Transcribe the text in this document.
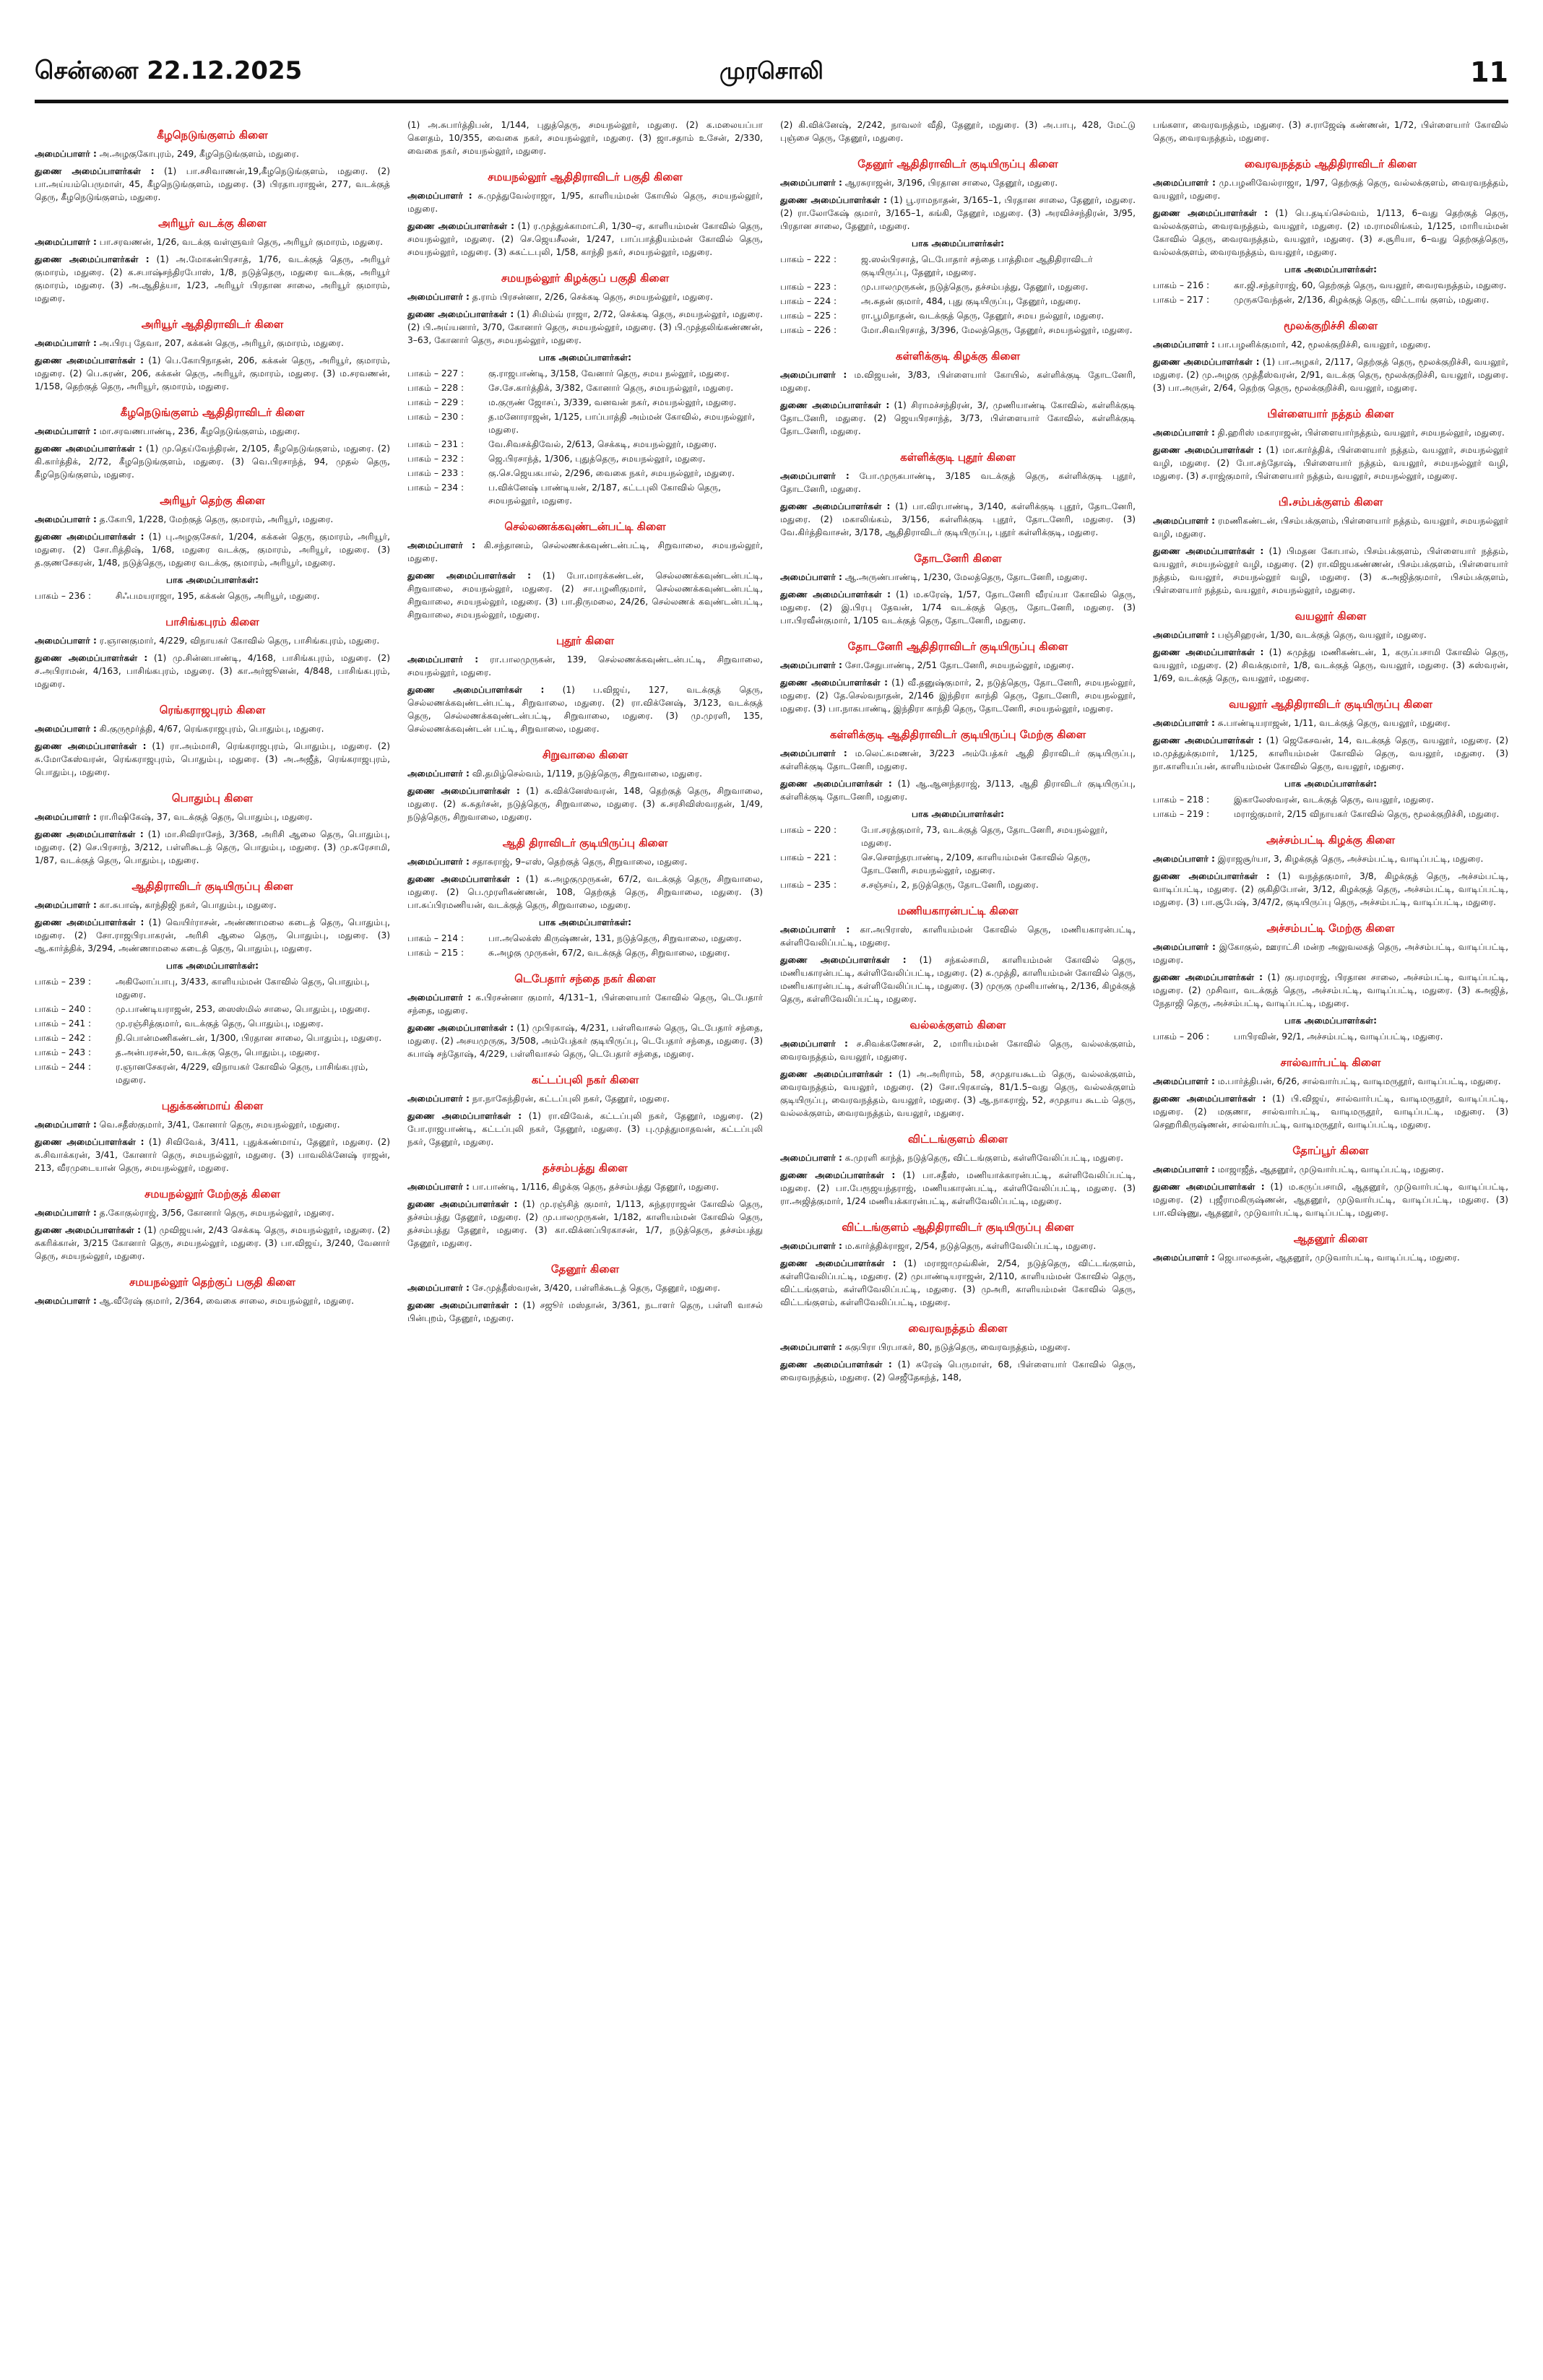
சென்னை 22.12.2025	முரசொலி	11
கீழநெடுங்குளம் கிளை
அமைப்பாளர் : அ.அழகுகோபுரம், 249, கீழநெடுங்குளம், மதுரை.
துணை அமைப்பாளர்கள் : (1) பா.சசிவாணன்,19,கீழநெடுங்குளம், மதுரை. (2) பா.அய்யம்பெருமாள், 45, கீழநெடுங்குளம், மதுரை. (3) பிரதாபராஜன், 277, வடக்குத் தெரு, கீழநெடுங்குளம், மதுரை.
அரியூர் வடக்கு கிளை
அமைப்பாளர் : பா.சரவணன், 1/26, வடக்கு வள்ளுவர் தெரு, அரியூர் குமாரம், மதுரை.
துணை அமைப்பாளர்கள் : (1) அ.மோகன்பிரசாத், 1/76, வடக்குத் தெரு, அரியூர் குமாரம், மதுரை. (2) க.சபாஷ்சந்திரபோஸ், 1/8, நடுத்தெரு, மதுரை வடக்கு, அரியூர் குமாரம், மதுரை. (3) அ.ஆதித்யா, 1/23, அரியூர் பிரதான சாலை, அரியூர் குமாரம், மதுரை.
அரியூர் ஆதிதிராவிடர் கிளை
அமைப்பாளர் : அ.பிரபு தேவா, 207, கக்கன் தெரு, அரியூர், குமாரம், மதுரை.
துணை அமைப்பாளர்கள் : (1) பெ.கோபிநாதன், 206, கக்கன் தெரு, அரியூர், குமாரம், மதுரை. (2) பெ.சுரண், 206, கக்கன் தெரு, அரியூர், குமாரம், மதுரை. (3) ம.சரவணன், 1/158, தெற்குத் தெரு, அரியூர், குமாரம், மதுரை.
கீழநெடுங்குளம் ஆதிதிராவிடர் கிளை
அமைப்பாளர் : மா.சரவணபாண்டி, 236, கீழநெடுங்குளம், மதுரை.
துணை அமைப்பாளர்கள் : (1) மு.தெய்வேந்திரன், 2/105, கீழநெடுங்குளம், மதுரை. (2) கி.கார்த்திக், 2/72, கீழநெடுங்குளம், மதுரை. (3) வெ.பிரசாந்த், 94, முதல் தெரு, கீழநெடுங்குளம், மதுரை.
அரியூர் தெற்கு கிளை
அமைப்பாளர் : த.கோபி, 1/228, மேற்குத் தெரு, குமாரம், அரியூர், மதுரை.
துணை அமைப்பாளர்கள் : (1) பு.அழகுசேகர், 1/204, கக்கன் தெரு, குமாரம், அரியூர், மதுரை. (2) சோ.ரித்திஷ், 1/68, மதுரை வடக்கு, குமாரம், அரியூர், மதுரை. (3) த.குணசேகரன், 1/48, நடுத்தெரு, மதுரை வடக்கு, குமாரம், அரியூர், மதுரை.
பாக அமைப்பாளர்கள்:
பாகம் – 236 :	சிஃபமயராஜா, 195, கக்கன் தெரு, அரியூர், மதுரை.
பாசிங்கபுரம் கிளை
அமைப்பாளர் : ர.ஞானகுமார், 4/229, விநாயகர் கோவில் தெரு, பாசிங்கபுரம், மதுரை.
துணை அமைப்பாளர்கள் : (1) மு.சின்னபாண்டி, 4/168, பாசிங்கபுரம், மதுரை. (2) ச.அபிராமன், 4/163, பாசிங்கபுரம், மதுரை. (3) கா.அர்ஜூனன், 4/848, பாசிங்கபுரம், மதுரை.
ரெங்கராஜபுரம் கிளை
அமைப்பாளர் : கி.குருமூர்த்தி, 4/67, ரெங்கராஜபுரம், பொதும்பு, மதுரை.
துணை அமைப்பாளர்கள் : (1) ரா.அம்மாசி, ரெங்கராஜபுரம், பொதும்பு, மதுரை. (2) சு.மோகேஸ்வரன், ரெங்கராஜபுரம், பொதும்பு, மதுரை. (3) அ.அஜீத், ரெங்கராஜபுரம், பொதும்பு, மதுரை.
பொதும்பு கிளை
அமைப்பாளர் : ரா.ரிஷிகேஷ், 37, வடக்குத் தெரு, பொதும்பு, மதுரை.
துணை அமைப்பாளர்கள் : (1) மா.சிவிராசேந், 3/368, அரிசி ஆலை தெரு, பொதும்பு, மதுரை. (2) செ.பிரசாந், 3/212, பள்ளிகூடத் தெரு, பொதும்பு, மதுரை. (3) மு.சுரேசாமி, 1/87, வடக்குத் தெரு, பொதும்பு, மதுரை.
ஆதிதிராவிடர் குடியிருப்பு கிளை
அமைப்பாளர் : கா.சுபாஷ், காந்திஜி நகர், பொதும்பு, மதுரை.
துணை அமைப்பாளர்கள் : (1) வெயிர்ராசன், அண்ணாமலை கடைத் தெரு, பொதும்பு, மதுரை. (2) சோ.ராஜபிரபாகரன், அரிசி ஆலை தெரு, பொதும்பு, மதுரை. (3) ஆ.கார்த்திக், 3/294, அண்ணாமலை கடைத் தெரு, பொதும்பு, மதுரை.
பாக அமைப்பாளர்கள்:
பாகம் – 239 :	அகிலோப்பாபு, 3/433, காளியம்மன் கோவில் தெரு, பொதும்பு, மதுரை.
பாகம் – 240 :	மு.பாண்டியராஜன், 253, ஸைஸ்மில் சாலை, பொதும்பு, மதுரை.
பாகம் – 241 :	மு.ரஞ்சித்குமார், வடக்குத் தெரு, பொதும்பு, மதுரை.
பாகம் – 242 :	நி.பொன்மணிகண்டன், 1/300, பிரதான சாலை, பொதும்பு, மதுரை.
பாகம் – 243 :	த.அன்பரசன்,50, வடக்கு தெரு, பொதும்பு, மதுரை.
பாகம் – 244 :	ர.ஞானசேகரன், 4/229, விநாயகர் கோவில் தெரு, பாசிங்கபுரம், மதுரை.
புதுக்கண்மாய் கிளை
அமைப்பாளர் : வெ.சதீஸ்குமார், 3/41, கோனார் தெரு, சமயநல்லூர், மதுரை.
துணை அமைப்பாளர்கள் : (1) சிவிவேக், 3/411, புதுக்கண்மாய், தேனூர், மதுரை. (2) சு.சிவாக்கரன், 3/41, கோனார் தெரு, சமயநல்லூர், மதுரை. (3) பாவலிக்னேஷ் ராஜன், 213, வீரமுடையான் தெரு, சமயநல்லூர், மதுரை.
சமயநல்லூர் மேற்குத் கிளை
அமைப்பாளர் : த.கோகுல்ராஜ், 3/56, கோனார் தெரு, சமயநல்லூர், மதுரை.
துணை அமைப்பாளர்கள் : (1) முவிஜயன், 2/43 செக்கடி தெரு, சமயநல்லூர், மதுரை. (2) சுகரிக்கான், 3/215 கோனார் தெரு, சமயநல்லூர், மதுரை. (3) பா.விஜய், 3/240, வேனார் தெரு, சமயநல்லூர், மதுரை.
சமயநல்லூர் தெற்குப் பகுதி கிளை
அமைப்பாளர் : ஆ.வீரேஷ் குமார், 2/364, வைகை சாலை, சமயநல்லூர், மதுரை.
(1) அ.சுபார்த்திபன், 1/144, புதுத்தெரு, சமயநல்லூர், மதுரை. (2) க.மலையப்பா கௌதம், 10/355, வைகை நகர், சமயநல்லூர், மதுரை. (3) ஜா.சதாம் உசேன், 2/330, வைகை நகர், சமயநல்லூர், மதுரை.
சமயநல்லூர் ஆதிதிராவிடர் பகுதி கிளை
அமைப்பாளர் : சு.முத்துவேல்ராஜா, 1/95, காளியம்மன் கோயில் தெரு, சமயநல்லூர், மதுரை.
துணை அமைப்பாளர்கள் : (1) ர.முத்துக்காமாட்சி, 1/30–ஏ, காளியம்மன் கோவில் தெரு, சமயநல்லூர், மதுரை. (2) செ.ஜெயசீலன், 1/247, பாப்பாத்தியம்மன் கோவில் தெரு, சமயநல்லூர், மதுரை. (3) சுகட்டபுலி, 1/58, காந்தி நகர், சமயநல்லூர், மதுரை.
சமயநல்லூர் கிழக்குப் பகுதி கிளை
அமைப்பாளர் : த.ராம் பிரசன்னா, 2/26, செக்கடி தெரு, சமயநல்லூர், மதுரை.
துணை அமைப்பாளர்கள் : (1) சிமிம்வ் ராஜா, 2/72, செக்கடி தெரு, சமயநல்லூர், மதுரை. (2) பி.அய்யனார், 3/70, கோனார் தெரு, சமயநல்லூர், மதுரை. (3) பி.முத்தலிங்கண்ணன், 3–63, கோனார் தெரு, சமயநல்லூர், மதுரை.
பாக அமைப்பாளர்கள்:
பாகம் – 227 :	கு.ராஜபாண்டி, 3/158, வேனார் தெரு, சமய நல்லூர், மதுரை.
பாகம் – 228 :	சே.சே.கார்த்திக், 3/382, கோனார் தெரு, சமயநல்லூர், மதுரை.
பாகம் – 229 :	ம.குருண் ஜோசப், 3/339, வனவன் நகர், சமயநல்லூர், மதுரை.
பாகம் – 230 :	த.மனோராஜன், 1/125, பாப்பாத்தி அம்மன் கோவில், சமயநல்லூர், மதுரை.
பாகம் – 231 :	வே.சிவசக்திவேல், 2/613, செக்கடி, சமயநல்லூர், மதுரை.
பாகம் – 232 :	ஜெ.பிரசாந்த், 1/306, புதுத்தெரு, சமயநல்லூர், மதுரை.
பாகம் – 233 :	கு.செ.ஜெயகபால், 2/296, வைகை நகர், சமயநல்லூர், மதுரை.
பாகம் – 234 :	ப.விக்னேஷ் பாண்டியன், 2/187, கட்டபுலி கோவில் தெரு, சமயநல்லூர், மதுரை.
செல்லணக்கவுண்டன்பட்டி கிளை
அமைப்பாளர் : கி.சந்தானம், செல்லணக்கவுண்டன்பட்டி, சிறுவாலை, சமயநல்லூர், மதுரை.
துணை அமைப்பாளர்கள் : (1) போ.மாரக்கண்டன், செல்லணக்கவுண்டன்பட்டி, சிறுவாலை, சமயநல்லூர், மதுரை. (2) சா.பழனிகுமார், செல்லணக்கவுண்டன்பட்டி, சிறுவாலை, சமயநல்லூர், மதுரை. (3) பா.திருமலை, 24/26, செல்லணக் கவுண்டன்பட்டி, சிறுவாலை, சமயநல்லூர், மதுரை.
புதூர் கிளை
அமைப்பாளர் : ரா.பாலமுருகன், 139, செல்லணக்கவுண்டன்பட்டி, சிறுவாலை, சமயநல்லூர், மதுரை.
துணை அமைப்பாளர்கள் : (1) ப.விஜய், 127, வடக்குத் தெரு, செல்லணக்கவுண்டன்பட்டி, சிறுவாலை, மதுரை. (2) ரா.விக்னேஷ், 3/123, வடக்குத் தெரு, செல்லணக்கவுண்டன்பட்டி, சிறுவாலை, மதுரை. (3) மு.முரளி, 135, செல்லணக்கவுண்டன் பட்டி, சிறுவாலை, மதுரை.
சிறுவாலை கிளை
அமைப்பாளர் : வி.தமிழ்செல்வம், 1/119, நடுத்தெரு, சிறுவாலை, மதுரை.
துணை அமைப்பாளர்கள் : (1) சு.விக்னேஸ்வரன், 148, தெற்குத் தெரு, சிறுவாலை, மதுரை. (2) சு.சுதர்சன், நடுத்தெரு, சிறுவாலை, மதுரை. (3) சு.சரசிவிஸ்வரதன், 1/49, நடுத்தெரு, சிறுவாலை, மதுரை.
ஆதி திராவிடர் குடியிருப்பு கிளை
அமைப்பாளர் : சதாசுராஜ், 9–எஸ், தெற்குத் தெரு, சிறுவாலை, மதுரை.
துணை அமைப்பாளர்கள் : (1) சு.அழகுமுருகன், 67/2, வடக்குத் தெரு, சிறுவாலை, மதுரை. (2) பெ.முரளிகண்ணன், 108, தெற்குத் தெரு, சிறுவாலை, மதுரை. (3) பா.சுப்பிரமணியன், வடக்குத் தெரு, சிறுவாலை, மதுரை.
பாக அமைப்பாளர்கள்:
பாகம் – 214 :	பா.அலெக்ஸ் கிருஷ்ணன், 131, நடுத்தெரு, சிறுவாலை, மதுரை.
பாகம் – 215 :	சு.அழகு முருகன், 67/2, வடக்குத் தெரு, சிறுவாலை, மதுரை.
டெபேதார் சந்தை நகர் கிளை
அமைப்பாளர் : க.பிரசன்னா குமார், 4/131–1, பிள்ளையார் கோவில் தெரு, டெபேதார் சந்தை, மதுரை.
துணை அமைப்பாளர்கள் : (1) முபிரகாஷ், 4/231, பள்ளிவாசல் தெரு, டெபேதார் சந்தை, மதுரை. (2) அசயமுருகு, 3/508, அம்பேத்கர் குடியிருப்பு, டெபேதார் சந்தை, மதுரை. (3) சுபாஷ் சந்தோஷ், 4/229, பள்ளிவாசல் தெரு, டெபேதார் சந்தை, மதுரை.
கட்டப்புலி நகர் கிளை
அமைப்பாளர் : நா.நாகேந்திரன், கட்டப்புலி நகர், தேனூர், மதுரை.
துணை அமைப்பாளர்கள் : (1) ரா.விவேக், கட்டப்புலி நகர், தேனூர், மதுரை. (2) போ.ராஜபாண்டி, கட்டப்புலி நகர், தேனூர், மதுரை. (3) பு.முத்துமாதவன், கட்டப்புலி நகர், தேனூர், மதுரை.
தச்சம்பத்து கிளை
அமைப்பாளர் : பா.பாண்டி, 1/116, கிழக்கு தெரு, தச்சம்பத்து தேனூர், மதுரை.
துணை அமைப்பாளர்கள் : (1) மு.ரஞ்சித் குமார், 1/113, சுந்தரராஜன் கோவில் தெரு, தச்சம்பத்து தேனூர், மதுரை. (2) மு.பாலமுருகன், 1/182, காளியம்மன் கோவில் தெரு, தச்சம்பத்து தேனூர், மதுரை. (3) கா.விக்னப்பிரகாசன், 1/7, நடுத்தெரு, தச்சம்பத்து தேனூர், மதுரை.
தேனூர் கிளை
அமைப்பாளர் : சே.முத்தீஸ்வரன், 3/420, பள்ளிக்கூடத் தெரு, தேனூர், மதுரை.
துணை அமைப்பாளர்கள் : (1) சஜூர் மஸ்தான், 3/361, நடாளர் தெரு, பள்ளி வாசல் பின்புறம், தேனூர், மதுரை.
(2) கி.விக்னேஷ், 2/242, நாவலர் வீதி, தேனூர், மதுரை. (3) அ.பாபு, 428, மேட்டு புஞ்சை தெரு, தேனூர், மதுரை.
தேனூர் ஆதிதிராவிடர் குடியிருப்பு கிளை
அமைப்பாளர் : ஆரசுராஜன், 3/196, பிரதான சாலை, தேனூர், மதுரை.
துணை அமைப்பாளர்கள் : (1) பூ.ராமநாதன், 3/165–1, பிரதான சாலை, தேனூர், மதுரை. (2) ரா.லோகேஷ் குமார், 3/165–1, கங்கி, தேனூர், மதுரை. (3) அரவிச்சந்திரன், 3/95, பிரதான சாலை, தேனூர், மதுரை.
பாக அமைப்பாளர்கள்:
பாகம் – 222 :	ஜ.ஸல்பிரசாத், டெபோதார் சந்தை பாத்திமா ஆதிதிராவிடர் குடியிருப்பு, தேனூர், மதுரை.
பாகம் – 223 :	மு.பாலமுருகன், நடுத்தெரு, தச்சம்பத்து, தேனூர், மதுரை.
பாகம் – 224 :	அ.சுதன் குமார், 484, புது குடியிருப்பு, தேனூர், மதுரை.
பாகம் – 225 :	ரா.பூமிநாதன், வடக்குத் தெரு, தேனூர், சமய நல்லூர், மதுரை.
பாகம் – 226 :	மோ.சிவபிரசாத், 3/396, மேலத்தெரு, தேனூர், சமயநல்லூர், மதுரை.
கள்ளிக்குடி கிழக்கு கிளை
அமைப்பாளர் : ம.விஜயன், 3/83, பிள்ளையார் கோயில், கள்ளிக்குடி தோடனேரி, மதுரை.
துணை அமைப்பாளர்கள் : (1) சிராமச்சந்திரன், 3/, முணியாண்டி கோவில், கள்ளிக்குடி தோடனேரி, மதுரை. (2) ஜெயபிரசாந்த், 3/73, பிள்ளையார் கோவில், கள்ளிக்குடி தோடனேரி, மதுரை.
கள்ளிக்குடி புதூர் கிளை
அமைப்பாளர் : போ.முருகபாண்டி, 3/185 வடக்குத் தெரு, கள்ளிக்குடி புதூர், தோடனேரி, மதுரை.
துணை அமைப்பாளர்கள் : (1) பா.விரபாண்டி, 3/140, கள்ளிக்குடி புதூர், தோடனேரி, மதுரை. (2) மகாலிங்கம், 3/156, கள்ளிக்குடி புதூர், தோடனேரி, மதுரை. (3) வே.கிர்த்திவாசன், 3/178, ஆதிதிராவிடர் குடியிருப்பு, புதூர் கள்ளிக்குடி, மதுரை.
தோடனேரி கிளை
அமைப்பாளர் : ஆ.அருண்பாண்டி, 1/230, மேலத்தெரு, தோடனேரி, மதுரை.
துணை அமைப்பாளர்கள் : (1) ம.சுரேஷ், 1/57, தோடனேரி வீரய்யா கோவில் தெரு, மதுரை. (2) இ.பிரபு தேவன், 1/74 வடக்குத் தெரு, தோடனேரி, மதுரை. (3) பா.பிரவீன்குமார், 1/105 வடக்குத் தெரு, தோடனேரி, மதுரை.
தோடனேரி ஆதிதிராவிடர் குடியிருப்பு கிளை
அமைப்பாளர் : சோ.சேதுபாண்டி, 2/51 தோடனேரி, சமயநல்லூர், மதுரை.
துணை அமைப்பாளர்கள் : (1) வீ.தனுஷ்குமார், 2, நடுத்தெரு, தோடனேரி, சமயநல்லூர், மதுரை. (2) தே.செல்வநாதன், 2/146 இந்திரா காந்தி தெரு, தோடனேரி, சமயநல்லூர், மதுரை. (3) பா.நாகபாண்டி, இந்திரா காந்தி தெரு, தோடனேரி, சமயநல்லூர், மதுரை.
கள்ளிக்குடி ஆதிதிராவிடர் குடியிருப்பு மேற்கு கிளை
அமைப்பாளர் : ம.லெட்சுமணன், 3/223 அம்பேத்கர் ஆதி திராவிடர் குடியிருப்பு, கள்ளிக்குடி தோடனேரி, மதுரை.
துணை அமைப்பாளர்கள் : (1) ஆ.ஆனந்தராஜ், 3/113, ஆதி திராவிடர் குடியிருப்பு, கள்ளிக்குடி தோடனேரி, மதுரை.
பாக அமைப்பாளர்கள்:
பாகம் – 220 :	போ.சரத்குமார், 73, வடக்குத் தெரு, தோடனேரி, சமயநல்லூர், மதுரை.
பாகம் – 221 :	செ.சௌந்தரபாண்டி, 2/109, காளியம்மன் கோவில் தெரு, தோடனேரி, சமயநல்லூர், மதுரை.
பாகம் – 235 :	ச.சஞ்சய், 2, நடுத்தெரு, தோடனேரி, மதுரை.
மணியகாரன்பட்டி கிளை
அமைப்பாளர் : கா.அபிராஸ், காளியம்மன் கோவில் தெரு, மணியகாரன்பட்டி, கள்ளிவேலிப்பட்டி, மதுரை.
துணை அமைப்பாளர்கள் : (1) சந்கல்சாமி, காளியம்மன் கோவில் தெரு, மணியகாரன்பட்டி, கள்ளிவேலிப்பட்டி, மதுரை. (2) சு.முத்தி, காளியம்மன் கோவில் தெரு, மணியகாரன்பட்டி, கள்ளிவேலிப்பட்டி, மதுரை. (3) முருகு முனியாண்டி, 2/136, கிழக்குத் தெரு, கள்ளிவேலிப்பட்டி, மதுரை.
வல்லக்குளம் கிளை
அமைப்பாளர் : ச.சிவக்கணேசன், 2, மாரியம்மன் கோவில் தெரு, வல்லக்குளம், வைரவநத்தம், வயலூர், மதுரை.
துணை அமைப்பாளர்கள் : (1) அ.அரிராம், 58, சமுதாயகூடம் தெரு, வல்லக்குளம், வைரவநத்தம், வயலூர், மதுரை. (2) சோ.பிரகாஷ், 81/1.5–வது தெரு, வல்லக்குளம் குடியிருப்பு, வைரவநத்தம், வயலூர், மதுரை. (3) ஆ.நாகராஜ், 52, சமுதாய கூடம் தெரு, வல்லக்குளம், வைரவநத்தம், வயலூர், மதுரை.
விட்டங்குளம் கிளை
அமைப்பாளர் : க.முரளி காந்த், நடுத்தெரு, விட்டங்குளம், கள்ளிவேலிப்பட்டி, மதுரை.
துணை அமைப்பாளர்கள் : (1) பா.சதீஸ், மணியாக்காரன்பட்டி, கள்ளிவேலிப்பட்டி, மதுரை. (2) பா.பேரூஜயந்தராஜ், மணியகாரன்பட்டி, கள்ளிவேலிப்பட்டி, மதுரை. (3) ரா.அஜித்குமார், 1/24 மணியக்காரன்பட்டி, கள்ளிவேலிப்பட்டி, மதுரை.
விட்டங்குளம் ஆதிதிராவிடர் குடியிருப்பு கிளை
அமைப்பாளர் : ம.கார்த்திக்ராஜா, 2/54, நடுத்தெரு, கள்ளிவேலிப்பட்டி, மதுரை.
துணை அமைப்பாளர்கள் : (1) மராஜாமுவ்கின், 2/54, நடுத்தெரு, விட்டங்குளம், கள்ளிவேலிப்பட்டி, மதுரை. (2) முபாண்டியராஜன், 2/110, காளியம்மன் கோவில் தெரு, விட்டங்குளம், கள்ளிவேலிப்பட்டி, மதுரை. (3) முஅரி, காளியம்மன் கோவில் தெரு, விட்டங்குளம், கள்ளிவேலிப்பட்டி, மதுரை.
வைரவநத்தம் கிளை
அமைப்பாளர் : சுகுபிரா பிரபாகர், 80, நடுத்தெரு, வைரவநத்தம், மதுரை.
துணை அமைப்பாளர்கள் : (1) சுரேஷ் பெருமாள், 68, பிள்ளையார் கோவில் தெரு, வைரவநத்தம், மதுரை. (2) செஜீதேகந்த், 148,
பங்களா, வைரவநத்தம், மதுரை. (3) ச.ராஜேஷ் கண்ணன், 1/72, பிள்ளையார் கோவில் தெரு, வைரவநத்தம், மதுரை.
வைரவநத்தம் ஆதிதிராவிடர் கிளை
அமைப்பாளர் : மு.பழனிவேல்ராஜா, 1/97, தெற்குத் தெரு, வல்லக்குளம், வைரவநத்தம், வயலூர், மதுரை.
துணை அமைப்பாளர்கள் : (1) பெ.தடிய்செல்வம், 1/113, 6–வது தெற்குத் தெரு, வல்லக்குளம், வைரவநத்தம், வயலூர், மதுரை. (2) ம.ராமலிங்கம், 1/125, மாரியம்மன் கோவில் தெரு, வைரவநத்தம், வயலூர், மதுரை. (3) ச.சூரியா, 6–வது தெற்குத்தெரு, வல்லக்குளம், வைரவநத்தம், வயலூர், மதுரை.
பாக அமைப்பாளர்கள்:
பாகம் – 216 :	கா.ஜி.சந்தர்ராஜ், 60, தெற்குத் தெரு, வயலூர், வைரவநத்தம், மதுரை.
பாகம் – 217 :	முருகவேந்தன், 2/136, கிழக்குத் தெரு, விட்டாங் குளம், மதுரை.
மூலக்குறிச்சி கிளை
அமைப்பாளர் : பா.பழனிக்குமார், 42, மூலக்குறிச்சி, வயலூர், மதுரை.
துணை அமைப்பாளர்கள் : (1) பா.அழகர், 2/117, தெற்குத் தெரு, மூலக்குறிச்சி, வயலூர், மதுரை. (2) மு.அழகு முத்தீஸ்வரன், 2/91, வடக்கு தெரு, மூலக்குறிச்சி, வயலூர், மதுரை. (3) பா.அருள், 2/64, தெற்கு தெரு, மூலக்குறிச்சி, வயலூர், மதுரை.
பிள்ளையார் நத்தம் கிளை
அமைப்பாளர் : தி.ஹரிஸ் மகாராஜன், பிள்ளையார்நத்தம், வயலூர், சமயநல்லூர், மதுரை.
துணை அமைப்பாளர்கள் : (1) மா.கார்த்திக், பிள்ளையார் நத்தம், வயலூர், சமயநல்லூர் வழி, மதுரை. (2) போ.சந்தோஷ், பிள்ளையார் நத்தம், வயலூர், சமயநல்லூர் வழி, மதுரை. (3) ச.ராஜ்குமார், பிள்ளையார் நத்தம், வயலூர், சமயநல்லூர், மதுரை.
பி.சம்பக்குளம் கிளை
அமைப்பாளர் : ரமணிகண்டன், பிசம்பக்குளம், பிள்ளையார் நத்தம், வயலூர், சமயநல்லூர் வழி, மதுரை.
துணை அமைப்பாளர்கள் : (1) பிமதன கோபால், பிசம்பக்குளம், பிள்ளையார் நத்தம், வயலூர், சமயநல்லூர் வழி, மதுரை. (2) ரா.விஜயகண்ணன், பிசம்பக்குளம், பிள்ளையார் நத்தம், வயலூர், சமயநல்லூர் வழி, மதுரை. (3) சு.அஜித்குமார், பிசம்பக்குளம், பிள்ளையார் நத்தம், வயலூர், சமயநல்லூர், மதுரை.
வயலூர் கிளை
அமைப்பாளர் : பஞ்சிஹரன், 1/30, வடக்குத் தெரு, வயலூர், மதுரை.
துணை அமைப்பாளர்கள் : (1) சுமுத்து மணிகண்டன், 1, கருப்பசாமி கோவில் தெரு, வயலூர், மதுரை. (2) சிவக்குமார், 1/8, வடக்குத் தெரு, வயலூர், மதுரை. (3) சுஸ்வரன், 1/69, வடக்குத் தெரு, வயலூர், மதுரை.
வயலூர் ஆதிதிராவிடர் குடியிருப்பு கிளை
அமைப்பாளர் : சு.பாண்டியராஜன், 1/11, வடக்குத் தெரு, வயலூர், மதுரை.
துணை அமைப்பாளர்கள் : (1) ஜெகேசவன், 14, வடக்குத் தெரு, வயலூர், மதுரை. (2) ம.முத்துக்குமார், 1/125, காளியம்மன் கோவில் தெரு, வயலூர், மதுரை. (3) நா.காளியப்பன், காளியம்மன் கோவில் தெரு, வயலூர், மதுரை.
பாக அமைப்பாளர்கள்:
பாகம் – 218 :	இகாலேஸ்வரன், வடக்குத் தெரு, வயலூர், மதுரை.
பாகம் – 219 :	மராஜ்குமார், 2/15 விநாயகர் கோவில் தெரு, மூலக்குறிச்சி, மதுரை.
அச்சம்பட்டி கிழக்கு கிளை
அமைப்பாளர் : இராஜசூர்யா, 3, கிழக்குத் தெரு, அச்சம்பட்டி, வாடிப்பட்டி, மதுரை.
துணை அமைப்பாளர்கள் : (1) வநத்தகுமார், 3/8, கிழக்குத் தெரு, அச்சம்பட்டி, வாடிப்பட்டி, மதுரை. (2) குகிதிபோன், 3/12, கிழக்குத் தெரு, அச்சம்பட்டி, வாடிப்பட்டி, மதுரை. (3) பா.சூபேஷ், 3/47/2, குடியிருப்பு தெரு, அச்சம்பட்டி, வாடிப்பட்டி, மதுரை.
அச்சம்பட்டி மேற்கு கிளை
அமைப்பாளர் : இகோகுல், ஊராட்சி மன்ற அலுவலகத் தெரு, அச்சம்பட்டி, வாடிப்பட்டி, மதுரை.
துணை அமைப்பாளர்கள் : (1) குபரமராஜ், பிரதான சாலை, அச்சம்பட்டி, வாடிப்பட்டி, மதுரை. (2) முசிவா, வடக்குத் தெரு, அச்சம்பட்டி, வாடிப்பட்டி, மதுரை. (3) சுஅஜித், நேதாஜி தெரு, அச்சம்பட்டி, வாடிப்பட்டி, மதுரை.
பாக அமைப்பாளர்கள்:
பாகம் – 206 :	பாபிரவின், 92/1, அச்சம்பட்டி, வாடிப்பட்டி, மதுரை.
சால்வார்பட்டி கிளை
அமைப்பாளர் : ம.பார்த்திபன், 6/26, சால்வார்பட்டி, வாடிமருதூர், வாடிப்பட்டி, மதுரை.
துணை அமைப்பாளர்கள் : (1) பி.விஜய், சால்வார்பட்டி, வாடிமருதூர், வாடிப்பட்டி, மதுரை. (2) மகுணா, சால்வார்பட்டி, வாடிமருதூர், வாடிப்பட்டி, மதுரை. (3) செஹரிகிருஷ்ணன், சால்வார்பட்டி, வாடிமருதூர், வாடிப்பட்டி, மதுரை.
தோப்பூர் கிளை
அமைப்பாளர் : மாஜாஜீத், ஆதனூர், முடுவார்பட்டி, வாடிப்பட்டி, மதுரை.
துணை அமைப்பாளர்கள் : (1) ம.கருப்பசாமி, ஆதனூர், முடுவார்பட்டி, வாடிப்பட்டி, மதுரை. (2) புஜீராமகிருஷ்ணன், ஆதனூர், முடுவார்பட்டி, வாடிப்பட்டி, மதுரை. (3) பா.விஷ்ணு, ஆதனூர், முடுவார்பட்டி, வாடிப்பட்டி, மதுரை.
ஆதனூர் கிளை
அமைப்பாளர் : ஜெபாலசுதன், ஆதனூர், முடுவார்பட்டி, வாடிப்பட்டி, மதுரை.
